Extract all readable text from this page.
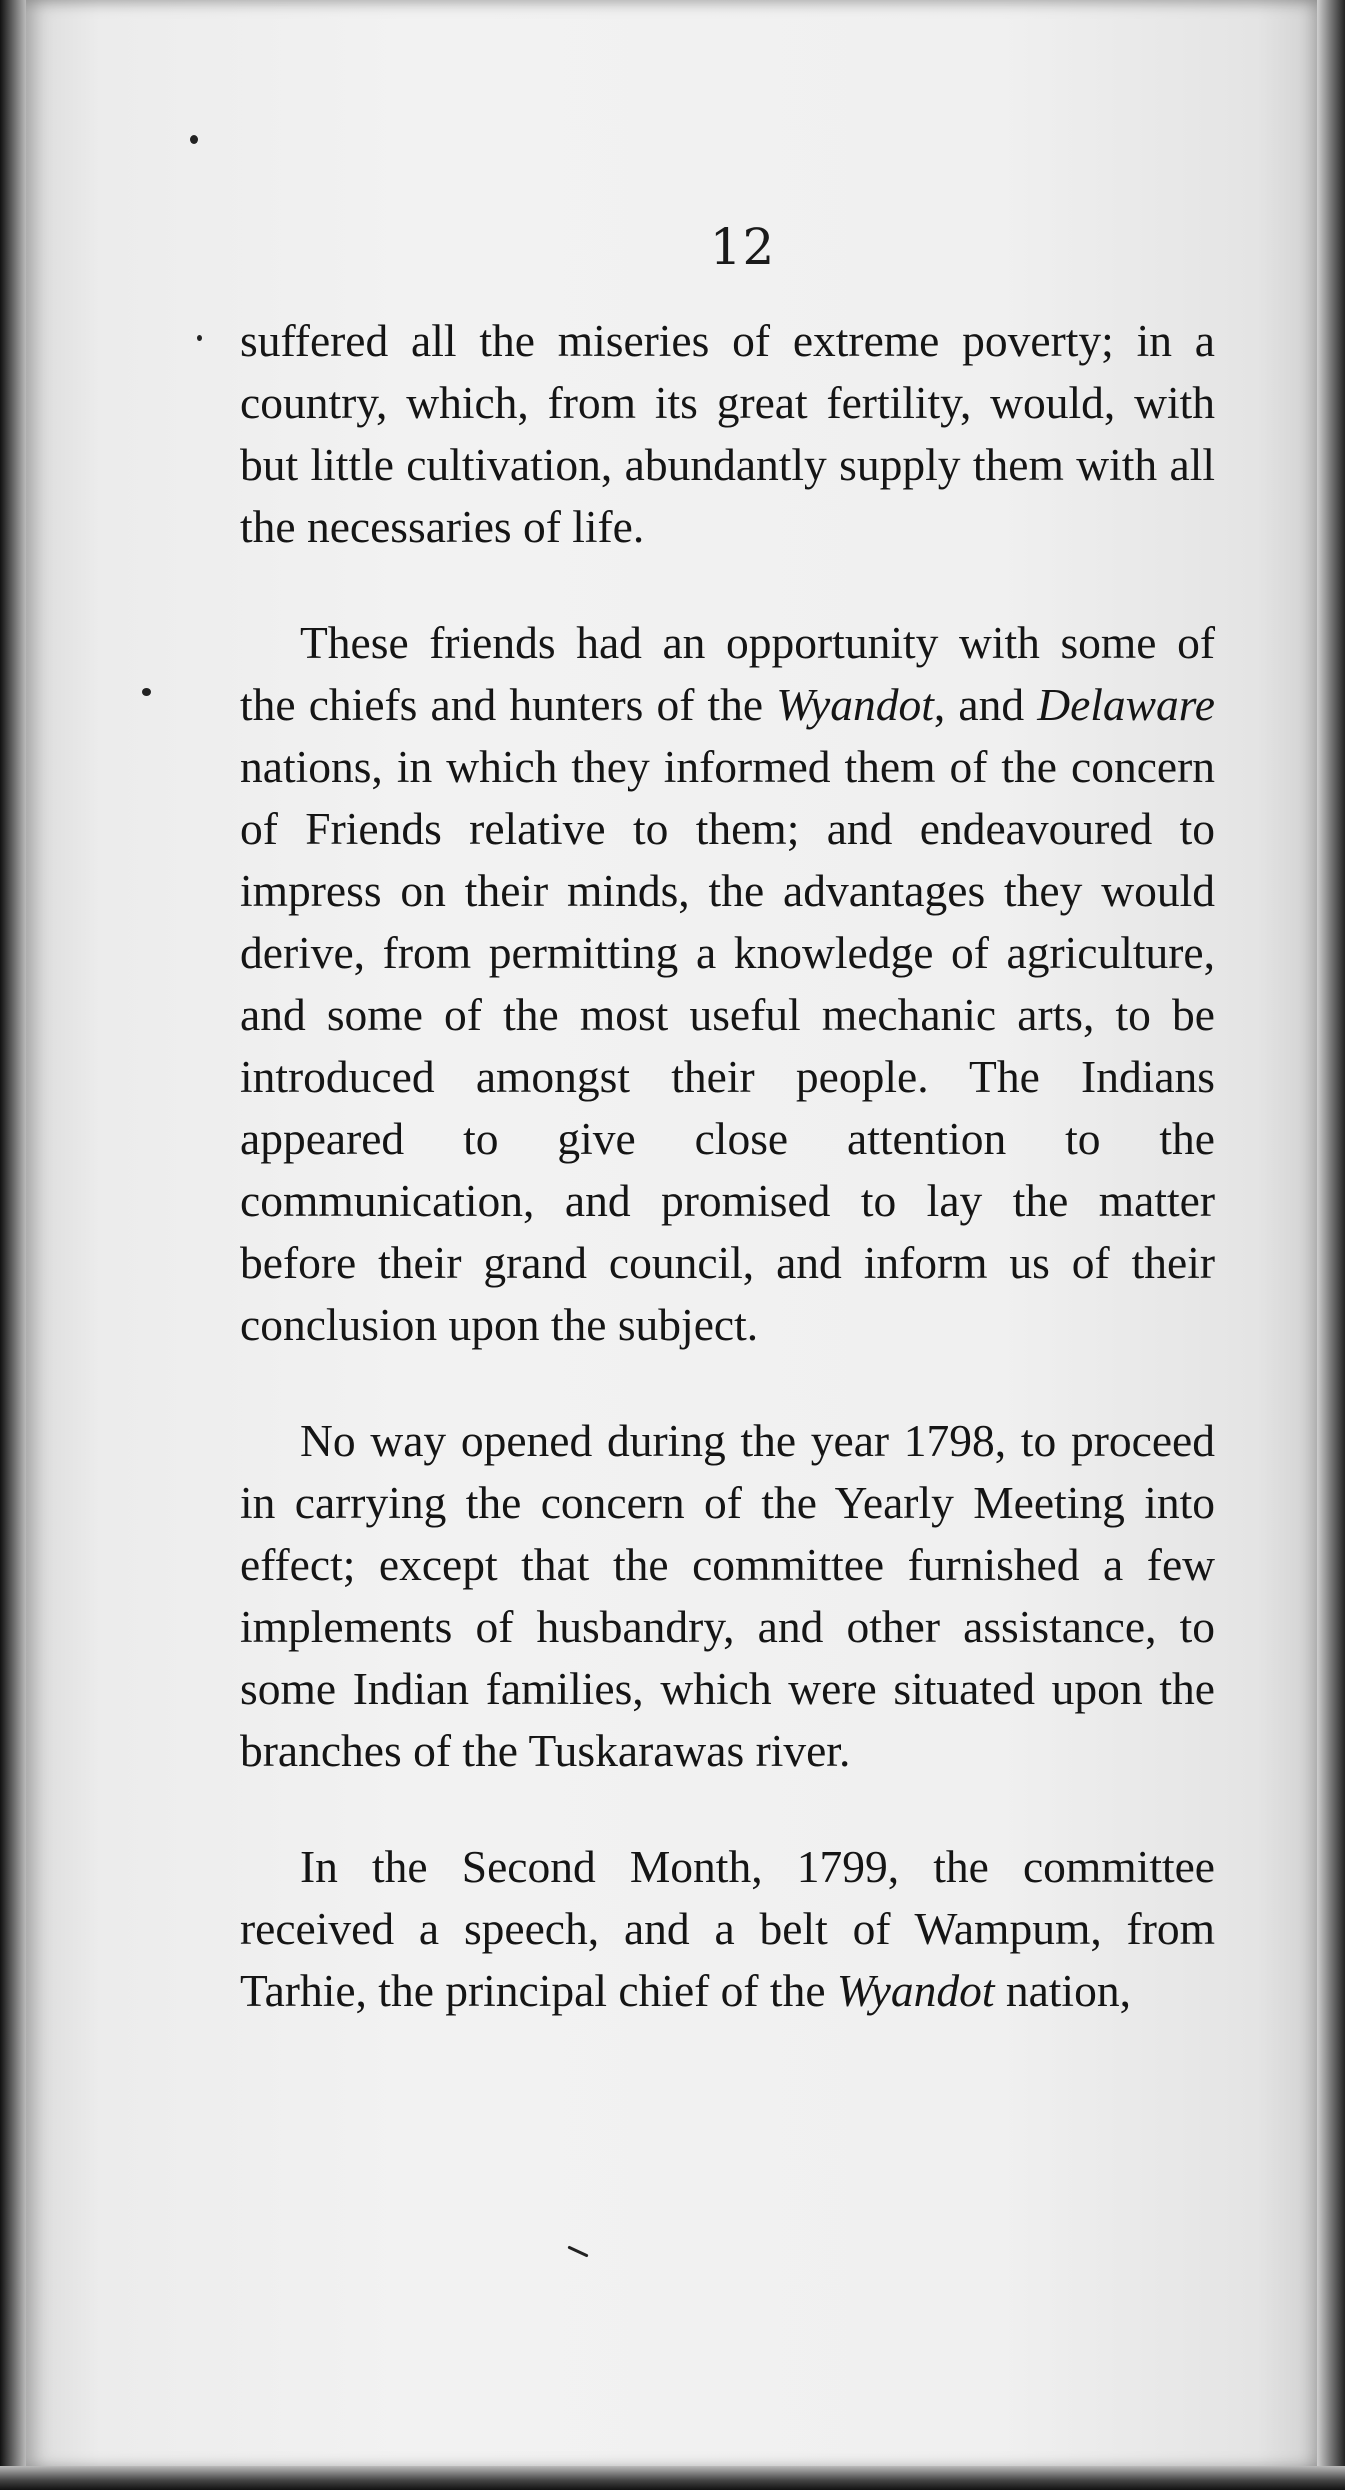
12

suffered all the miseries of extreme poverty; in a country, which, from its great fertility, would, with but little cultivation, abundantly supply them with all the necessaries of life.

These friends had an opportunity with some of the chiefs and hunters of the Wyandot, and Delaware nations, in which they informed them of the concern of Friends relative to them; and endeavoured to impress on their minds, the advantages they would derive, from permitting a knowledge of agriculture, and some of the most useful mechanic arts, to be introduced amongst their people. The Indians appeared to give close attention to the communication, and promised to lay the matter before their grand council, and inform us of their conclusion upon the subject.

No way opened during the year 1798, to proceed in carrying the concern of the Yearly Meeting into effect; except that the committee furnished a few implements of husbandry, and other assistance, to some Indian families, which were situated upon the branches of the Tuskarawas river.

In the Second Month, 1799, the committee received a speech, and a belt of Wampum, from Tarhie, the principal chief of the Wyandot nation,
